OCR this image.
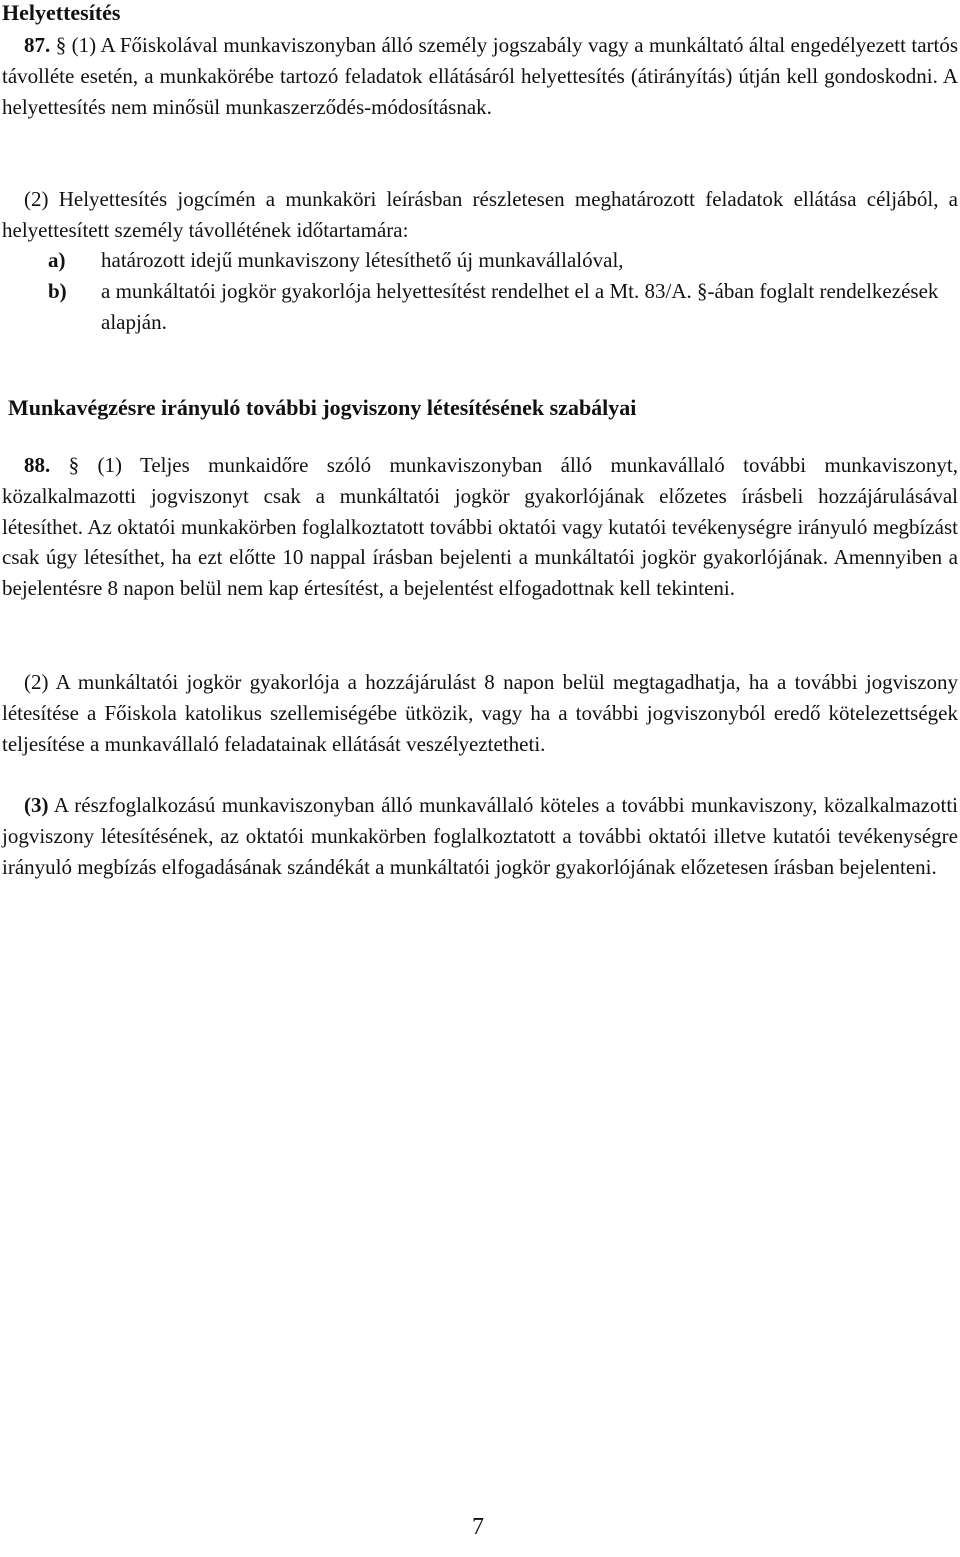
Helyettesítés
87. § (1) A Főiskolával munkaviszonyban álló személy jogszabály vagy a munkáltató által engedélyezett tartós távolléte esetén, a munkakörébe tartozó feladatok ellátásáról helyettesítés (átirányítás) útján kell gondoskodni. A helyettesítés nem minősül munkaszerződés-módosításnak.
(2) Helyettesítés jogcímén a munkaköri leírásban részletesen meghatározott feladatok ellátása céljából, a helyettesített személy távollétének időtartamára:
a) határozott idejű munkaviszony létesíthető új munkavállalóval,
b) a munkáltatói jogkör gyakorlója helyettesítést rendelhet el a Mt. 83/A. §-ában foglalt rendelkezések alapján.
Munkavégzésre irányuló további jogviszony létesítésének szabályai
88. § (1) Teljes munkaidőre szóló munkaviszonyban álló munkavállaló további munkaviszonyt, közalkalmazotti jogviszonyt csak a munkáltatói jogkör gyakorlójának előzetes írásbeli hozzájárulásával létesíthet. Az oktatói munkakörben foglalkoztatott további oktatói vagy kutatói tevékenységre irányuló megbízást csak úgy létesíthet, ha ezt előtte 10 nappal írásban bejelenti a munkáltatói jogkör gyakorlójának. Amennyiben a bejelentésre 8 napon belül nem kap értesítést, a bejelentést elfogadottnak kell tekinteni.
(2) A munkáltatói jogkör gyakorlója a hozzájárulást 8 napon belül megtagadhatja, ha a további jogviszony létesítése a Főiskola katolikus szellemiségébe ütközik, vagy ha a további jogviszonyból eredő kötelezettségek teljesítése a munkavállaló feladatainak ellátását veszélyeztetheti.
(3) A részfoglalkozású munkaviszonyban álló munkavállaló köteles a további munkaviszony, közalkalmazotti jogviszony létesítésének, az oktatói munkakörben foglalkoztatott a további oktatói illetve kutatói tevékenységre irányuló megbízás elfogadásának szándékát a munkáltatói jogkör gyakorlójának előzetesen írásban bejelenteni.
7
